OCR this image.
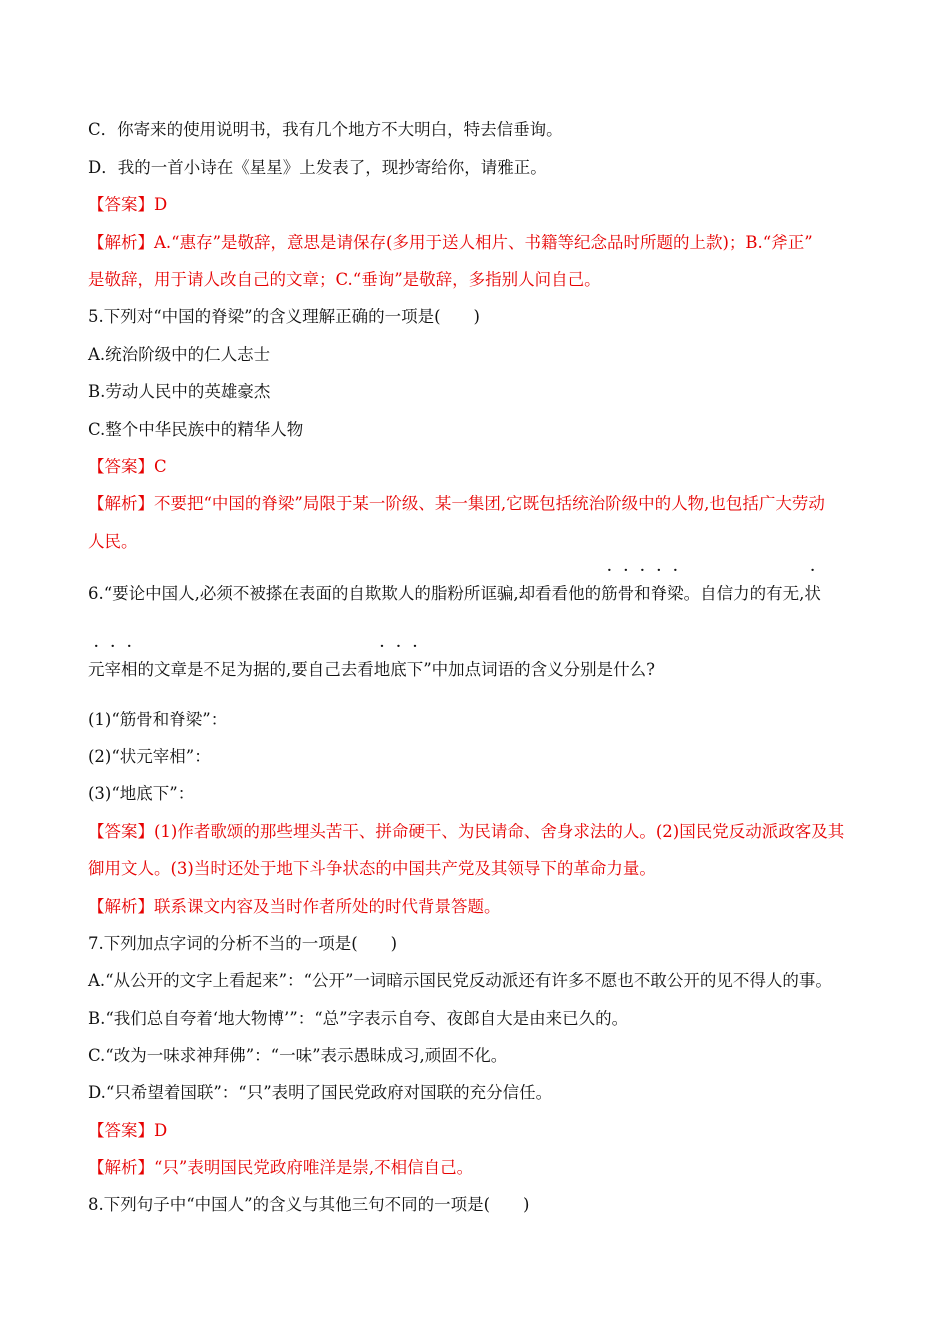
C．你寄来的使用说明书，我有几个地方不大明白，特去信垂询。
D．我的一首小诗在《星星》上发表了，现抄寄给你，请雅正。
【答案】D
【解析】A.“惠存”是敬辞，意思是请保存(多用于送人相片、书籍等纪念品时所题的上款)；B.“斧正”
是敬辞，用于请人改自己的文章；C.“垂询”是敬辞，多指别人问自己。
5.下列对“中国的脊梁”的含义理解正确的一项是(　　)
A.统治阶级中的仁人志士
B.劳动人民中的英雄豪杰
C.整个中华民族中的精华人物
【答案】C
【解析】不要把“中国的脊梁”局限于某一阶级、某一集团,它既包括统治阶级中的人物,也包括广大劳动
人民。
6.“要论中国人,必须不被搽在表面的自欺欺人的脂粉所诓骗,却看看他的筋骨和脊梁。自信力的有无,状
元宰相的文章是不足为据的,要自己去看地底下”中加点词语的含义分别是什么?
(1)“筋骨和脊梁”：
(2)“状元宰相”：
(3)“地底下”：
【答案】(1)作者歌颂的那些埋头苦干、拼命硬干、为民请命、舍身求法的人。(2)国民党反动派政客及其
御用文人。(3)当时还处于地下斗争状态的中国共产党及其领导下的革命力量。
【解析】联系课文内容及当时作者所处的时代背景答题。
7.下列加点字词的分析不当的一项是(　　)
A.“从公开的文字上看起来”：“公开”一词暗示国民党反动派还有许多不愿也不敢公开的见不得人的事。
B.“我们总自夸着‘地大物博’”：“总”字表示自夸、夜郎自大是由来已久的。
C.“改为一味求神拜佛”：“一味”表示愚昧成习,顽固不化。
D.“只希望着国联”：“只”表明了国民党政府对国联的充分信任。
【答案】D
【解析】“只”表明国民党政府唯洋是崇,不相信自己。
8.下列句子中“中国人”的含义与其他三句不同的一项是(　　)
